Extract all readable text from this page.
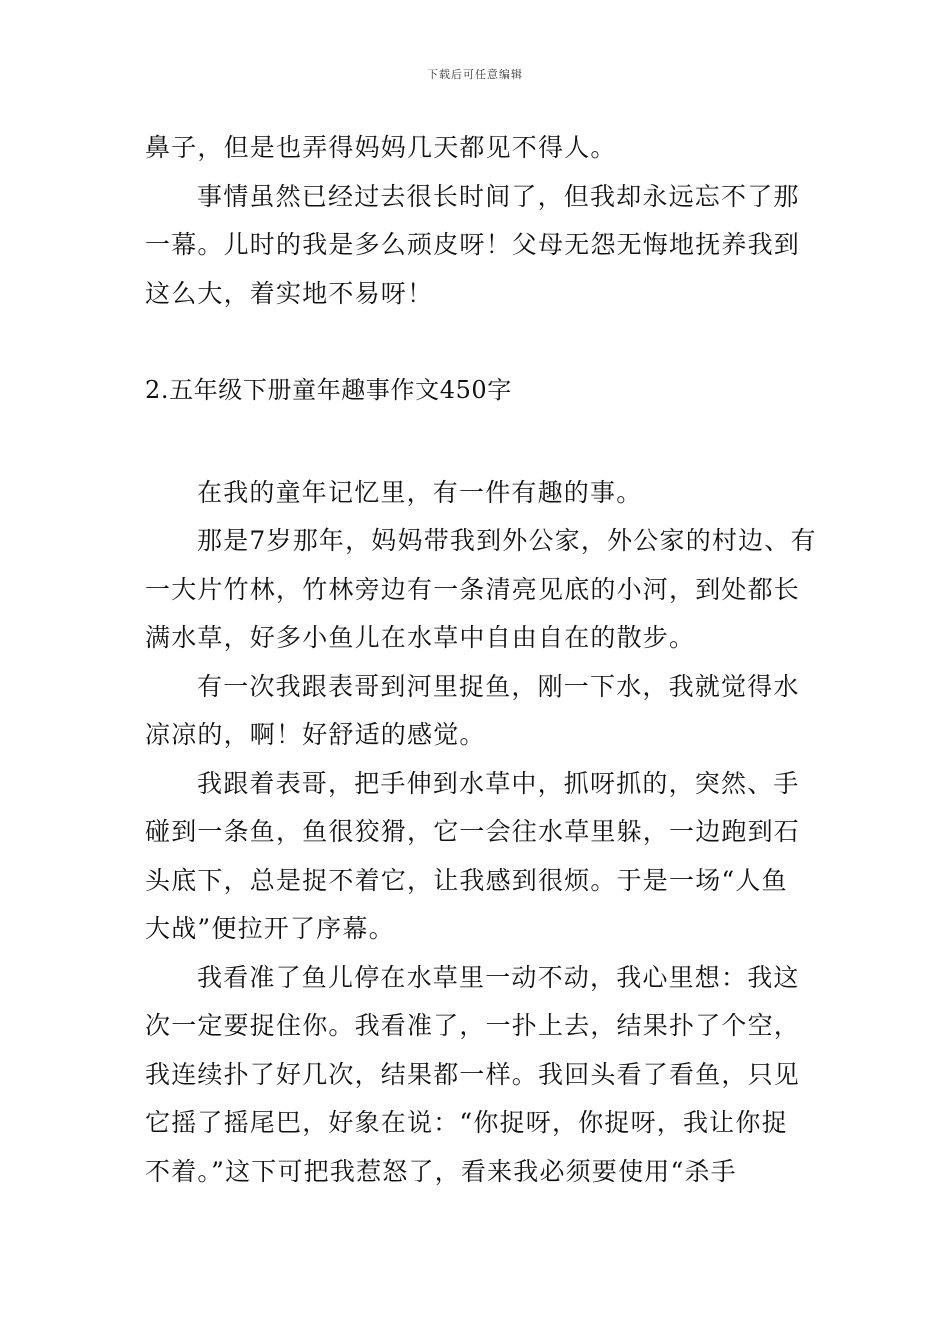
下载后可任意编辑
鼻子，但是也弄得妈妈几天都见不得人。
事情虽然已经过去很长时间了，但我却永远忘不了那
一幕。儿时的我是多么顽皮呀！父母无怨无悔地抚养我到
这么大，着实地不易呀！
2.五年级下册童年趣事作文450字
在我的童年记忆里，有一件有趣的事。
那是7岁那年，妈妈带我到外公家，外公家的村边、有
一大片竹林，竹林旁边有一条清亮见底的小河，到处都长
满水草，好多小鱼儿在水草中自由自在的散步。
有一次我跟表哥到河里捉鱼，刚一下水，我就觉得水
凉凉的，啊！好舒适的感觉。
我跟着表哥，把手伸到水草中，抓呀抓的，突然、手
碰到一条鱼，鱼很狡猾，它一会往水草里躲，一边跑到石
头底下，总是捉不着它，让我感到很烦。于是一场“人鱼
大战”便拉开了序幕。
我看准了鱼儿停在水草里一动不动，我心里想：我这
次一定要捉住你。我看准了，一扑上去，结果扑了个空，
我连续扑了好几次，结果都一样。我回头看了看鱼，只见
它摇了摇尾巴，好象在说：“你捉呀，你捉呀，我让你捉
不着。”这下可把我惹怒了，看来我必须要使用“杀手
